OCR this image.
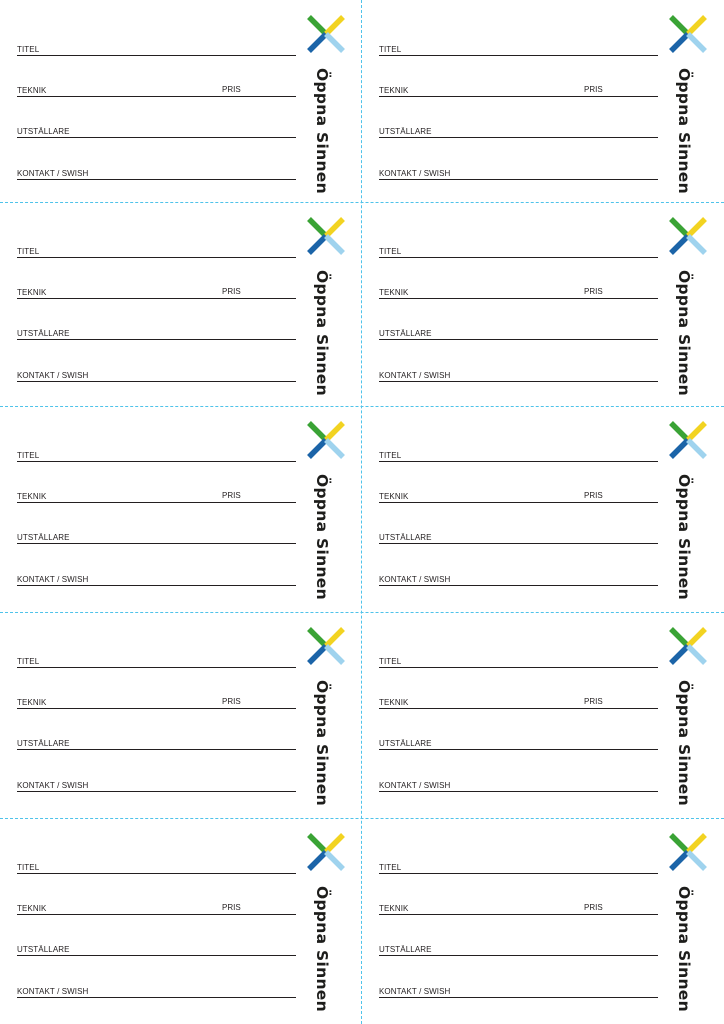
TITEL
TEKNIK	PRIS
UTSTÄLLARE
KONTAKT / SWISH	Öppna Sinnen
TITEL
TEKNIK	PRIS
UTSTÄLLARE
KONTAKT / SWISH	Öppna Sinnen
TITEL
TEKNIK	PRIS
UTSTÄLLARE
KONTAKT / SWISH	Öppna Sinnen
TITEL
TEKNIK	PRIS
UTSTÄLLARE
KONTAKT / SWISH	Öppna Sinnen
TITEL
TEKNIK	PRIS
UTSTÄLLARE
KONTAKT / SWISH	Öppna Sinnen
TITEL
TEKNIK	PRIS
UTSTÄLLARE
KONTAKT / SWISH	Öppna Sinnen
TITEL
TEKNIK	PRIS
UTSTÄLLARE
KONTAKT / SWISH	Öppna Sinnen
TITEL
TEKNIK	PRIS
UTSTÄLLARE
KONTAKT / SWISH	Öppna Sinnen
TITEL
TEKNIK	PRIS
UTSTÄLLARE
KONTAKT / SWISH	Öppna Sinnen
TITEL
TEKNIK	PRIS
UTSTÄLLARE
KONTAKT / SWISH	Öppna Sinnen
